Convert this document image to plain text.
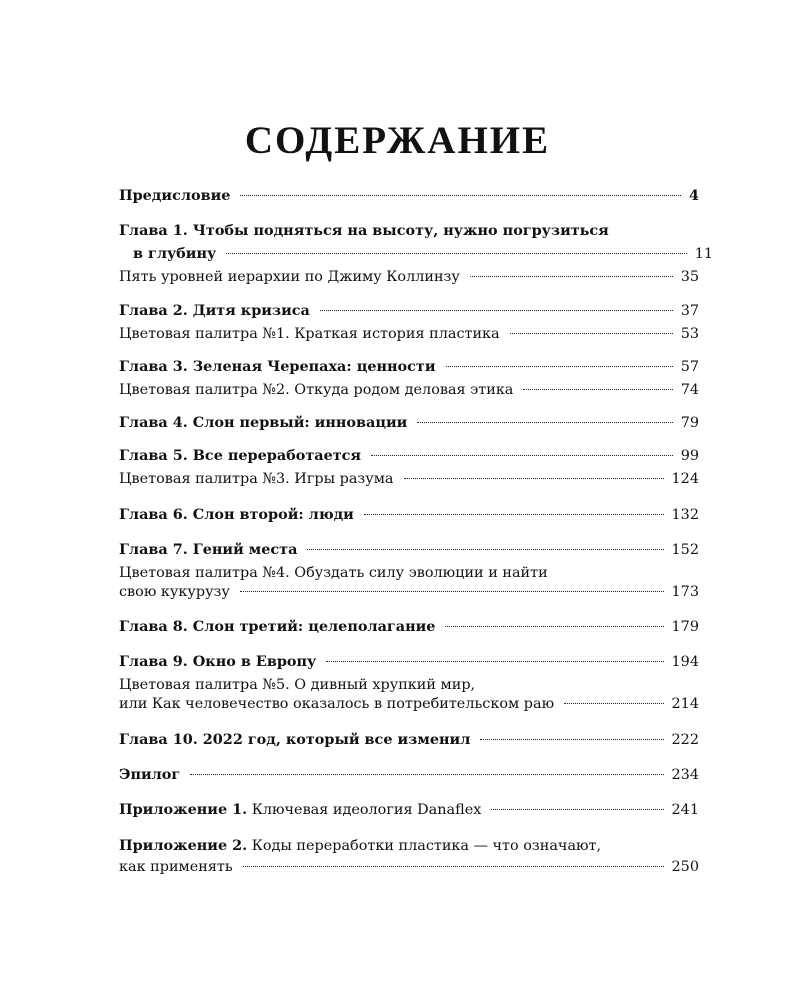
СОДЕРЖАНИЕ
Предисловие	4
Глава 1. Чтобы подняться на высоту, нужно погрузиться
в глубину	11
Пять уровней иерархии по Джиму Коллинзу	35
Глава 2. Дитя кризиса	37
Цветовая палитра №1. Краткая история пластика	53
Глава 3. Зеленая Черепаха: ценности	57
Цветовая палитра №2. Откуда родом деловая этика	74
Глава 4. Слон первый: инновации	79
Глава 5. Все переработается	99
Цветовая палитра №3. Игры разума	124
Глава 6. Слон второй: люди	132
Глава 7. Гений места	152
Цветовая палитра №4. Обуздать силу эволюции и найти
свою кукурузу	173
Глава 8. Слон третий: целеполагание	179
Глава 9. Окно в Европу	194
Цветовая палитра №5. О дивный хрупкий мир,
или Как человечество оказалось в потребительском раю	214
Глава 10. 2022 год, который все изменил	222
Эпилог	234
Приложение 1. Ключевая идеология Danaflex	241
Приложение 2. Коды переработки пластика — что означают,
как применять	250
